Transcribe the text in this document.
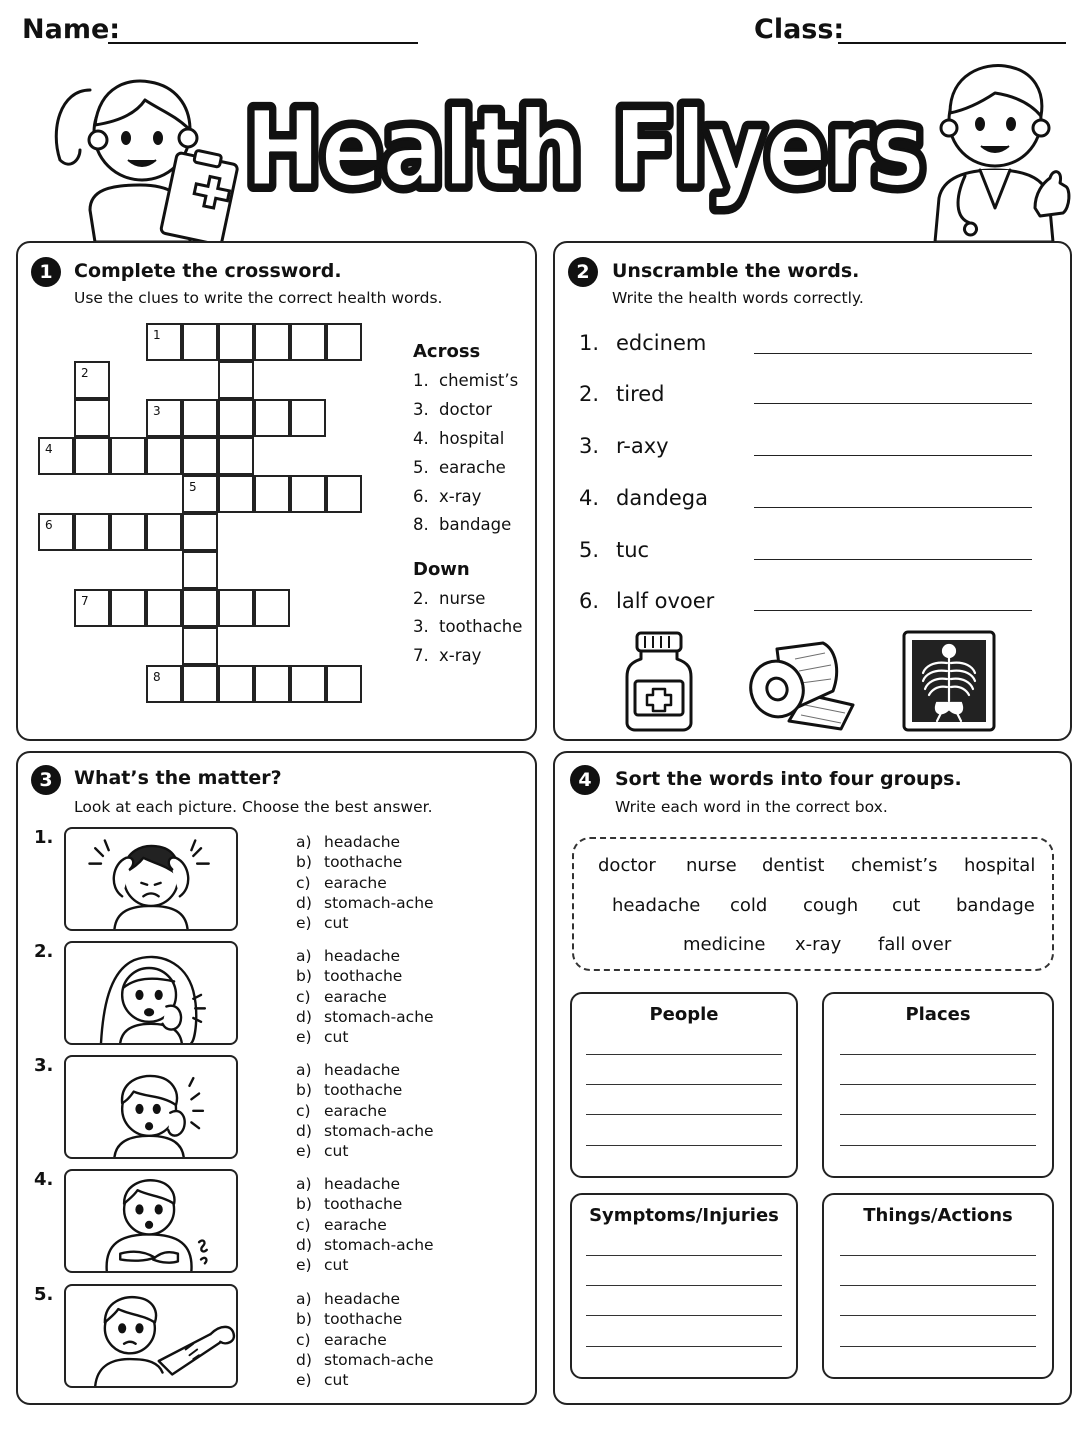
Name:	Class:
Health Flyers
Health Flyers
1	Complete the crossword.
Use the clues to write the correct health words.
1
2
3
4
5
6
7
8
Across
1. chemist’s
3. doctor
4. hospital
5. earache
6. x-ray
8. bandage
Down
2. nurse
3. toothache
7. x-ray
2	Unscramble the words.
Write the health words correctly.
1. edcinem
2. tired
3. r-axy
4. dandega
5. tuc
6. lalf ovoer
3	What’s the matter?
Look at each picture. Choose the best answer.
1.	a) headache
b) toothache
c) earache
d) stomach-ache
e) cut
2.	a) headache
b) toothache
c) earache
d) stomach-ache
e) cut
3.	a) headache
b) toothache
c) earache
d) stomach-ache
e) cut
4.	a) headache
b) toothache
c) earache
d) stomach-ache
e) cut
5.	a) headache
b) toothache
c) earache
d) stomach-ache
e) cut
4	Sort the words into four groups.
Write each word in the correct box.
doctor nurse dentist chemist’s hospital
headache cold cough cut bandage
medicine x-ray fall over
People	Places
Symptoms/Injuries	Things/Actions
